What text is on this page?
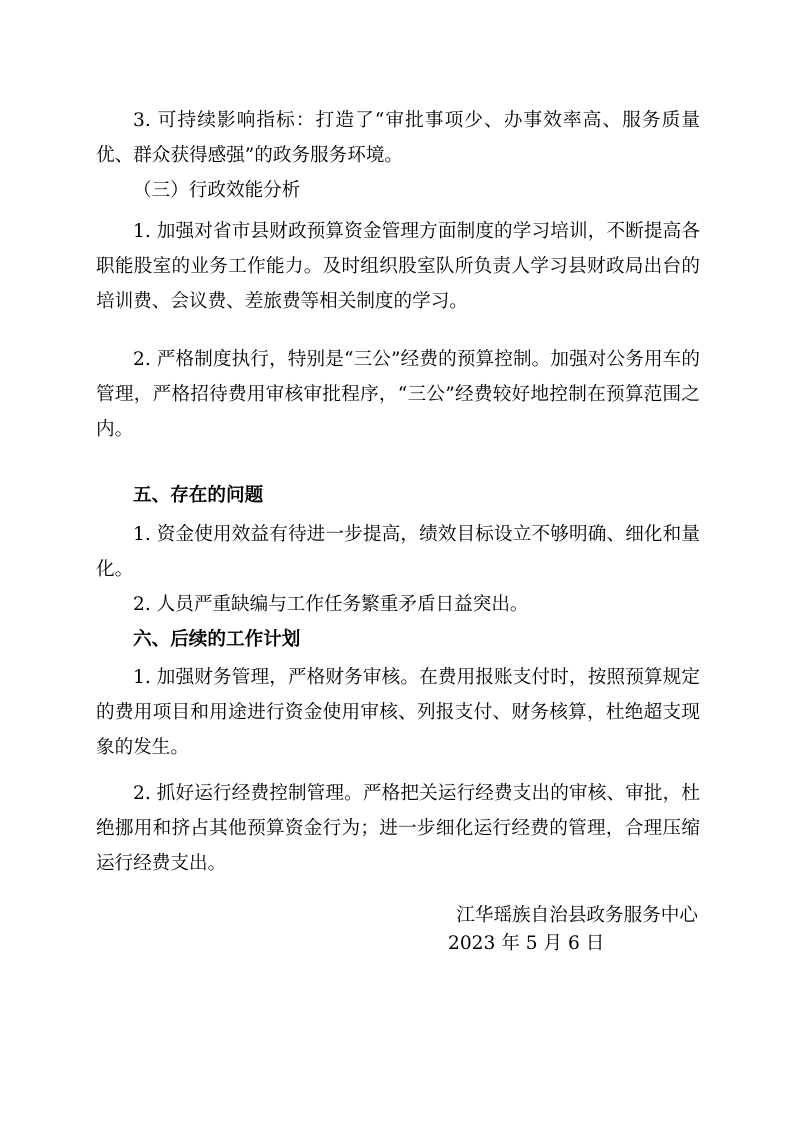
3. 可持续影响指标：打造了“审批事项少、办事效率高、服务质量优、群众获得感强”的政务服务环境。

（三）行政效能分析

1. 加强对省市县财政预算资金管理方面制度的学习培训，不断提高各职能股室的业务工作能力。及时组织股室队所负责人学习县财政局出台的培训费、会议费、差旅费等相关制度的学习。

2. 严格制度执行，特别是“三公”经费的预算控制。加强对公务用车的管理，严格招待费用审核审批程序，“三公”经费较好地控制在预算范围之内。

五、存在的问题

1. 资金使用效益有待进一步提高，绩效目标设立不够明确、细化和量化。

2. 人员严重缺编与工作任务繁重矛盾日益突出。

六、后续的工作计划

1. 加强财务管理，严格财务审核。在费用报账支付时，按照预算规定的费用项目和用途进行资金使用审核、列报支付、财务核算，杜绝超支现象的发生。

2. 抓好运行经费控制管理。严格把关运行经费支出的审核、审批，杜绝挪用和挤占其他预算资金行为；进一步细化运行经费的管理，合理压缩运行经费支出。

江华瑶族自治县政务服务中心

2023 年 5 月 6 日
